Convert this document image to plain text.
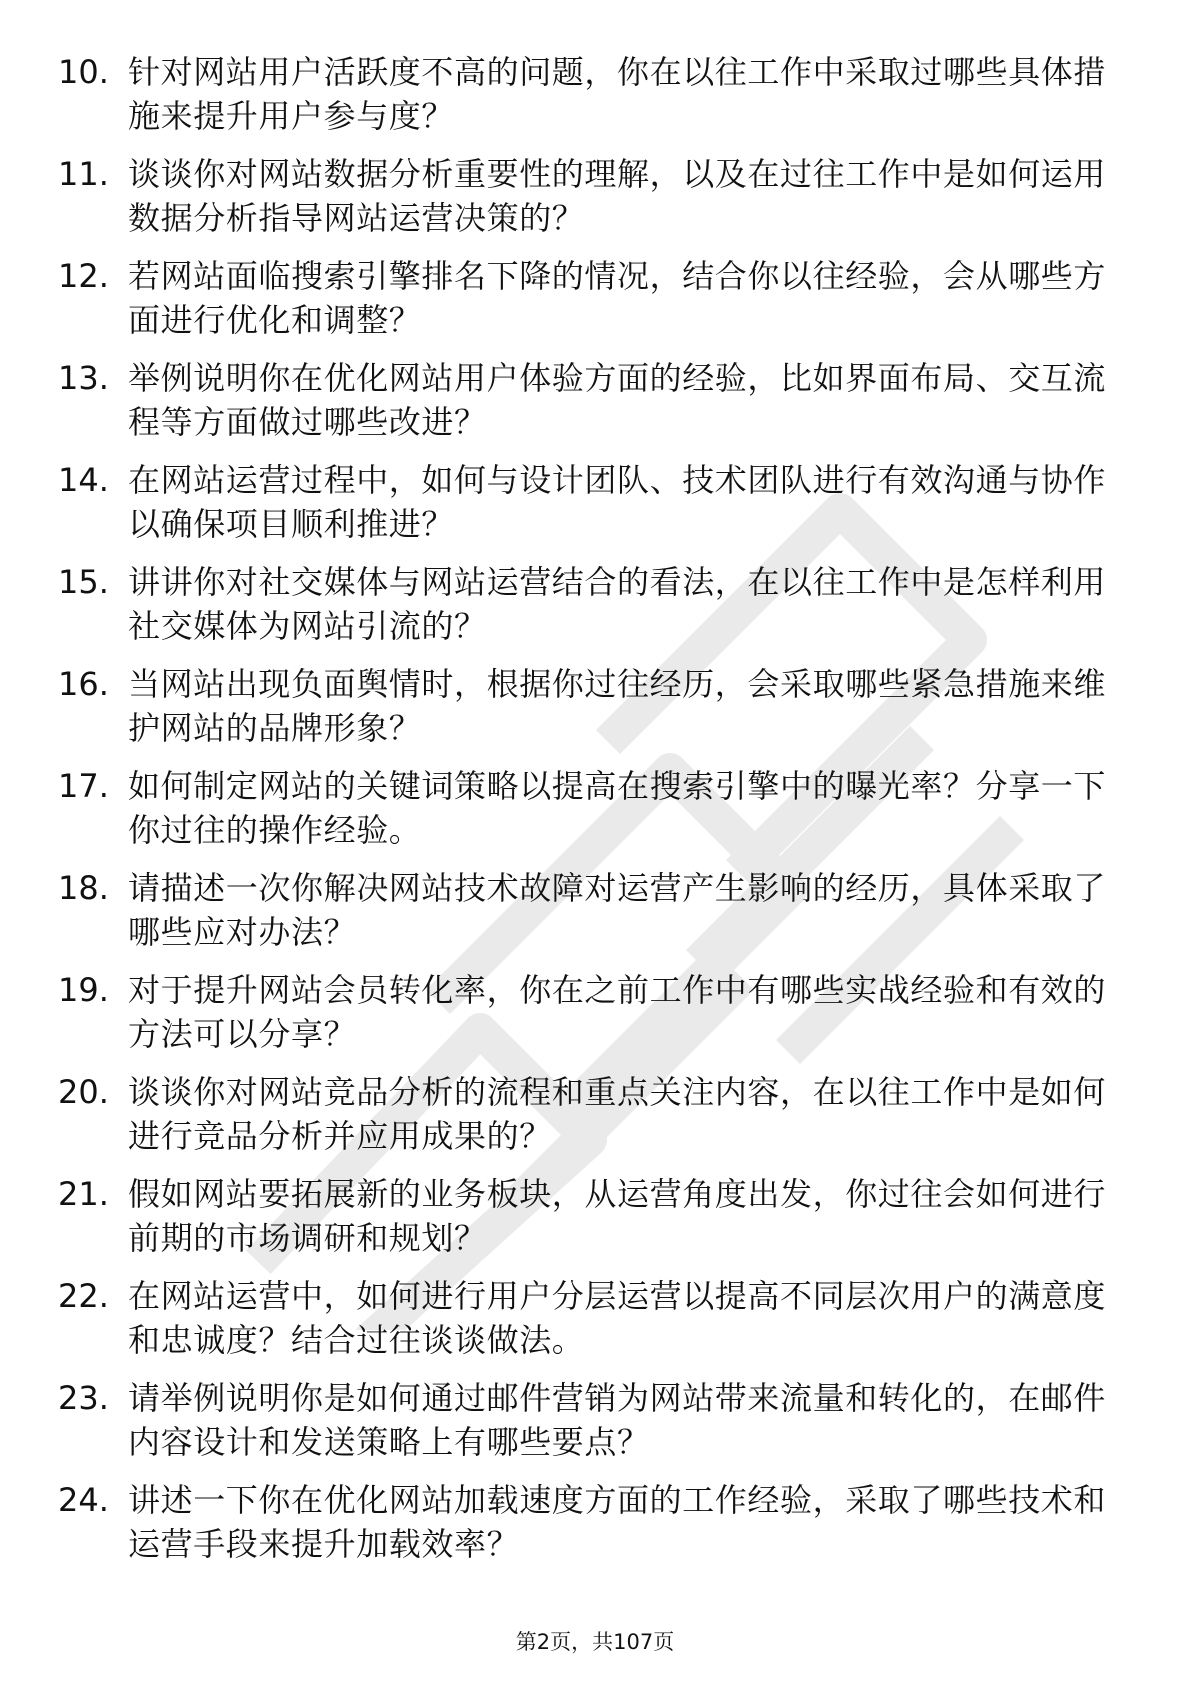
10. 针对网站用户活跃度不高的问题，你在以往工作中采取过哪些具体措施来提升用户参与度？
11. 谈谈你对网站数据分析重要性的理解，以及在过往工作中是如何运用数据分析指导网站运营决策的？
12. 若网站面临搜索引擎排名下降的情况，结合你以往经验，会从哪些方面进行优化和调整？
13. 举例说明你在优化网站用户体验方面的经验，比如界面布局、交互流程等方面做过哪些改进？
14. 在网站运营过程中，如何与设计团队、技术团队进行有效沟通与协作以确保项目顺利推进？
15. 讲讲你对社交媒体与网站运营结合的看法，在以往工作中是怎样利用社交媒体为网站引流的？
16. 当网站出现负面舆情时，根据你过往经历，会采取哪些紧急措施来维护网站的品牌形象？
17. 如何制定网站的关键词策略以提高在搜索引擎中的曝光率？分享一下你过往的操作经验。
18. 请描述一次你解决网站技术故障对运营产生影响的经历，具体采取了哪些应对办法？
19. 对于提升网站会员转化率，你在之前工作中有哪些实战经验和有效的方法可以分享？
20. 谈谈你对网站竞品分析的流程和重点关注内容，在以往工作中是如何进行竞品分析并应用成果的？
21. 假如网站要拓展新的业务板块，从运营角度出发，你过往会如何进行前期的市场调研和规划？
22. 在网站运营中，如何进行用户分层运营以提高不同层次用户的满意度和忠诚度？结合过往谈谈做法。
23. 请举例说明你是如何通过邮件营销为网站带来流量和转化的，在邮件内容设计和发送策略上有哪些要点？
24. 讲述一下你在优化网站加载速度方面的工作经验，采取了哪些技术和运营手段来提升加载效率？
第2页，共107页
